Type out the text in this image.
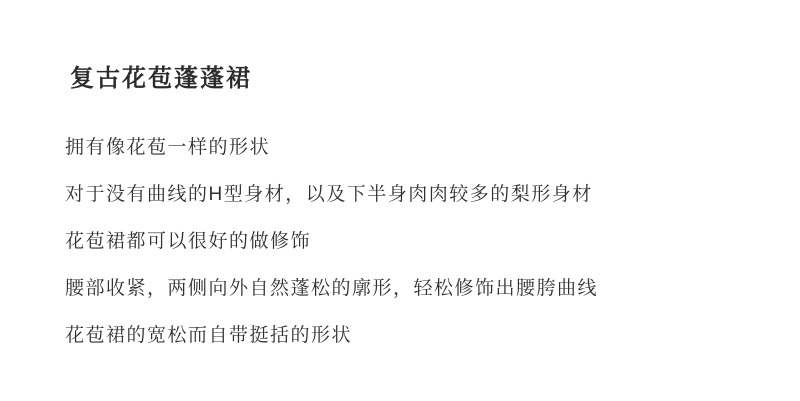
复古花苞蓬蓬裙

拥有像花苞一样的形状

对于没有曲线的H型身材，以及下半身肉肉较多的梨形身材

花苞裙都可以很好的做修饰

腰部收紧，两侧向外自然蓬松的廓形，轻松修饰出腰胯曲线

花苞裙的宽松而自带挺括的形状
